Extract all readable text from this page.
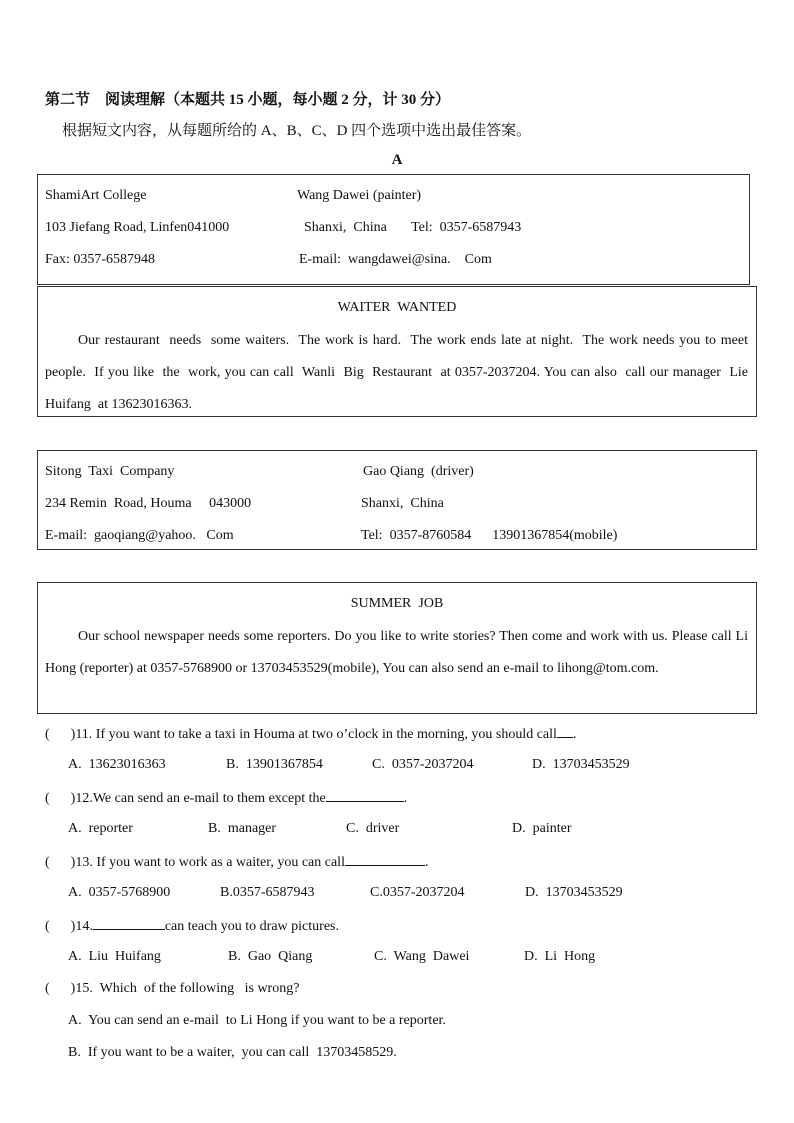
第二节　阅读理解（本题共 15 小题，每小题 2 分，计 30 分）
根据短文内容，从每题所给的 A、B、C、D 四个选项中选出最佳答案。
A
ShamiArt College
103 Jiefang Road, Linfen041000
Fax: 0357-6587948
Wang Dawei (painter)
Shanxi,  China       Tel:  0357-6587943
E-mail:  wangdawei@sina.    Com
WAITER  WANTED
Our restaurant  needs  some waiters.  The work is hard.  The work ends late at night.  The work needs you to meet people.  If you like  the  work, you can call  Wanli  Big  Restaurant  at 0357-2037204. You can also  call our manager  Lie  Huifang  at 13623016363.
Sitong  Taxi  Company
234 Remin  Road, Houma     043000
E-mail:  gaoqiang@yahoo.   Com
Gao Qiang  (driver)
Shanxi,  China
Tel:  0357-8760584      13901367854(mobile)
SUMMER  JOB
Our school newspaper needs some reporters. Do you like to write stories? Then come and work with us. Please call Li Hong (reporter) at 0357-5768900 or 13703453529(mobile), You can also send an e-mail to lihong@tom.com.
(      )11. If you want to take a taxi in Houma at two o’clock in the morning, you should call .
A.  13623016363	B.  13901367854	C.  0357-2037204	D.  13703453529
(      )12.We can send an e-mail to them except the	.
A.  reporter	B.  manager	C.  driver	D.  painter
(      )13. If you want to work as a waiter, you can call	.
A.  0357-5768900	B.0357-6587943	C.0357-2037204	D.  13703453529
(      )14.	can teach you to draw pictures.
A.  Liu  Huifang	B.  Gao  Qiang	C.  Wang  Dawei	D.  Li  Hong
(      )15.  Which  of the following   is wrong?
A.  You can send an e-mail  to Li Hong if you want to be a reporter.
B.  If you want to be a waiter,  you can call  13703458529.
